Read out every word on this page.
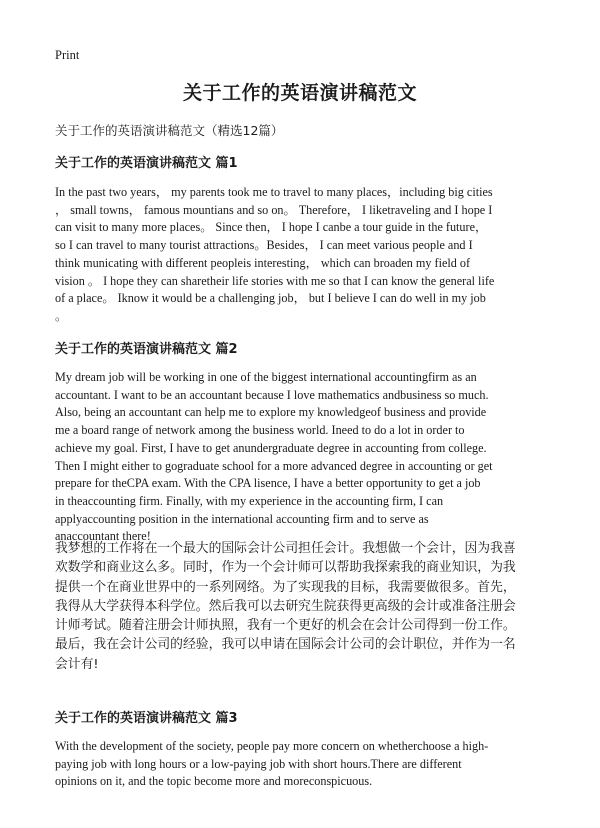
Print
关于工作的英语演讲稿范文
关于工作的英语演讲稿范文（精选12篇）
关于工作的英语演讲稿范文 篇1
In the past two years， my parents took me to travel to many places，including big cities
， small towns， famous mountians and so on。 Therefore， I liketraveling and I hope I
can visit to many more places。 Since then， I hope I canbe a tour guide in the future，
so I can travel to many tourist attractions。Besides， I can meet various people and I
think municating with different peopleis interesting， which can broaden my field of
vision 。 I hope they can sharetheir life stories with me so that I can know the general life
of a place。 Iknow it would be a challenging job， but I believe I can do well in my job
。
关于工作的英语演讲稿范文 篇2
My dream job will be working in one of the biggest international accountingfirm as an
accountant. I want to be an accountant because I love mathematics andbusiness so much.
Also, being an accountant can help me to explore my knowledgeof business and provide
me a board range of network among the business world. Ineed to do a lot in order to
achieve my goal. First, I have to get anundergraduate degree in accounting from college.
Then I might either to gograduate school for a more advanced degree in accounting or get
prepare for theCPA exam. With the CPA lisence, I have a better opportunity to get a job
in theaccounting firm. Finally, with my experience in the accounting firm, I can
applyaccounting position in the international accounting firm and to serve as
anaccountant there!
我梦想的工作将在一个最大的国际会计公司担任会计。我想做一个会计，因为我喜
欢数学和商业这么多。同时，作为一个会计师可以帮助我探索我的商业知识，为我
提供一个在商业世界中的一系列网络。为了实现我的目标，我需要做很多。首先，
我得从大学获得本科学位。然后我可以去研究生院获得更高级的会计或准备注册会
计师考试。随着注册会计师执照，我有一个更好的机会在会计公司得到一份工作。
最后，我在会计公司的经验，我可以申请在国际会计公司的会计职位，并作为一名
会计有!
关于工作的英语演讲稿范文 篇3
With the development of the society, people pay more concern on whetherchoose a high-
paying job with long hours or a low-paying job with short hours.There are different
opinions on it, and the topic become more and moreconspicuous.
